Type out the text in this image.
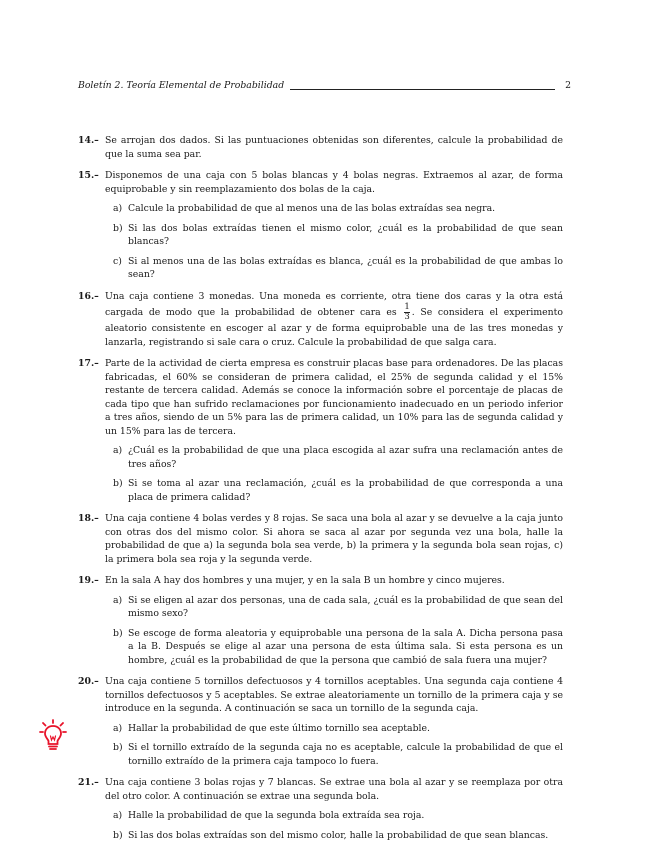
Boletín 2. Teoría Elemental de Probabilidad	2
14.– Se arrojan dos dados. Si las puntuaciones obtenidas son diferentes, calcule la probabilidad de que la suma sea par.
15.– Disponemos de una caja con 5 bolas blancas y 4 bolas negras. Extraemos al azar, de forma equiprobable y sin reemplazamiento dos bolas de la caja.
a) Calcule la probabilidad de que al menos una de las bolas extraídas sea negra.
b) Si las dos bolas extraídas tienen el mismo color, ¿cuál es la probabilidad de que sean blancas?
c) Si al menos una de las bolas extraídas es blanca, ¿cuál es la probabilidad de que ambas lo sean?
16.– Una caja contiene 3 monedas. Una moneda es corriente, otra tiene dos caras y la otra está cargada de modo que la probabilidad de obtener cara es $\frac{1}{3}$ . Se considera el experimento aleatorio consistente en escoger al azar y de forma equiprobable una de las tres monedas y lanzarla, registrando si sale cara o cruz. Calcule la probabilidad de que salga cara.
17.– Parte de la actividad de cierta empresa es construir placas base para ordenadores. De las placas fabricadas, el 60% se consideran de primera calidad, el 25% de segunda calidad y el 15% restante de tercera calidad. Además se conoce la información sobre el porcentaje de placas de cada tipo que han sufrido reclamaciones por funcionamiento inadecuado en un periodo inferior a tres años, siendo de un 5% para las de primera calidad, un 10% para las de segunda calidad y un 15% para las de tercera.
a) ¿Cuál es la probabilidad de que una placa escogida al azar sufra una reclamación antes de tres años?
b) Si se toma al azar una reclamación, ¿cuál es la probabilidad de que corresponda a una placa de primera calidad?
18.– Una caja contiene 4 bolas verdes y 8 rojas. Se saca una bola al azar y se devuelve a la caja junto con otras dos del mismo color. Si ahora se saca al azar por segunda vez una bola, halle la probabilidad de que a) la segunda bola sea verde, b) la primera y la segunda bola sean rojas, c) la primera bola sea roja y la segunda verde.
19.– En la sala A hay dos hombres y una mujer, y en la sala B un hombre y cinco mujeres.
a) Si se eligen al azar dos personas, una de cada sala, ¿cuál es la probabilidad de que sean del mismo sexo?
b) Se escoge de forma aleatoria y equiprobable una persona de la sala A. Dicha persona pasa a la B. Después se elige al azar una persona de esta última sala. Si esta persona es un hombre, ¿cuál es la probabilidad de que la persona que cambió de sala fuera una mujer?
20.– Una caja contiene 5 tornillos defectuosos y 4 tornillos aceptables. Una segunda caja contiene 4 tornillos defectuosos y 5 aceptables. Se extrae aleatoriamente un tornillo de la primera caja y se introduce en la segunda. A continuación se saca un tornillo de la segunda caja.
a) Hallar la probabilidad de que este último tornillo sea aceptable.
b) Si el tornillo extraído de la segunda caja no es aceptable, calcule la probabilidad de que el tornillo extraído de la primera caja tampoco lo fuera.
21.– Una caja contiene 3 bolas rojas y 7 blancas. Se extrae una bola al azar y se reemplaza por otra del otro color. A continuación se extrae una segunda bola.
a) Halle la probabilidad de que la segunda bola extraída sea roja.
b) Si las dos bolas extraídas son del mismo color, halle la probabilidad de que sean blancas.
